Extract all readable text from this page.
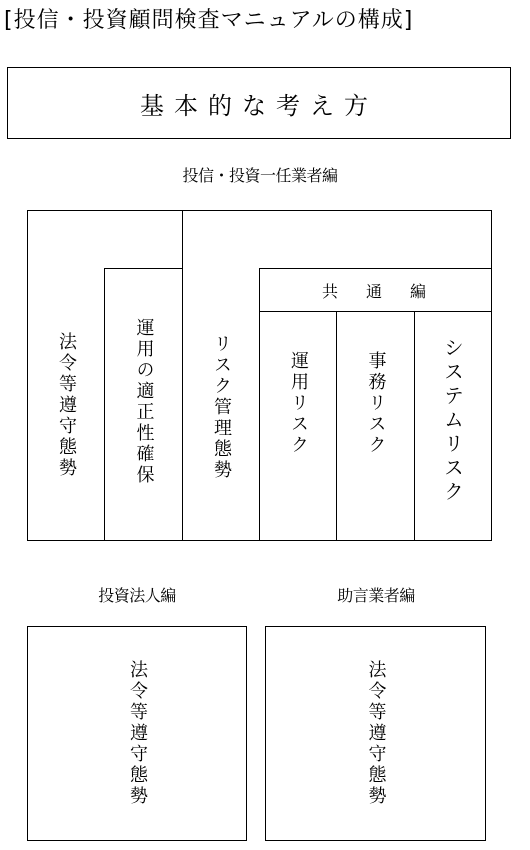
[投信・投資顧問検査マニュアルの構成]
基本的な考え方
投信・投資一任業者編
法令等遵守態勢	運用の適正性確保	リスク管理態勢
共通編
運用リスク	事務リスク	システムリスク
投資法人編
法令等遵守態勢
助言業者編
法令等遵守態勢
